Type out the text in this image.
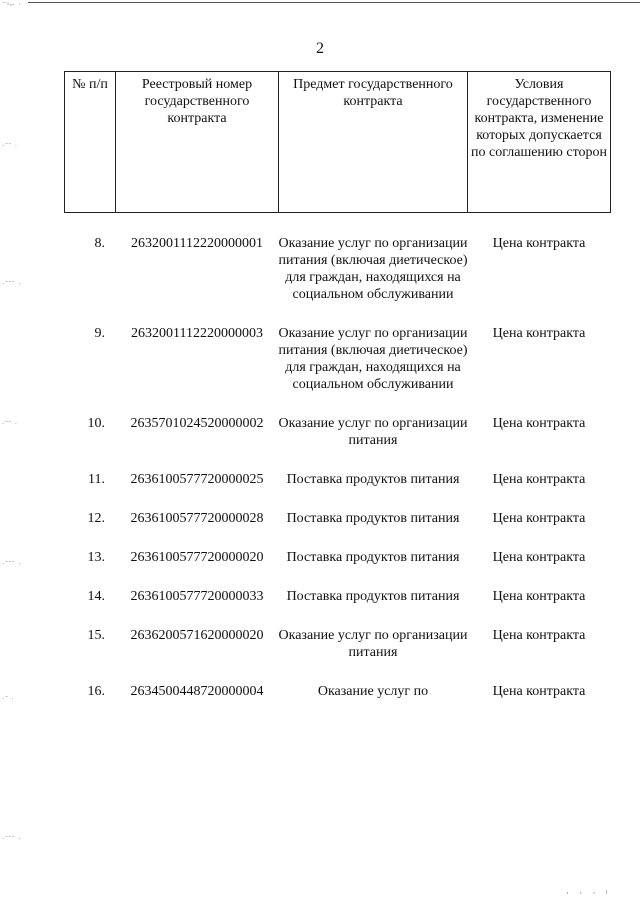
⁻ˢ⌐ ·
·˜˜ ·
·˜˜˜ ·
·˜˜ ·
·˜˜˜ ·
·˜ ·
·˜˜˜ ·
2
№ п/п	Реестровый номер государственного контракта	Предмет государственного контракта	Условия государственного контракта, изменение которых допускается по соглашению сторон

8.	2632001112220000001	Оказание услуг по организации питания (включая диетическое) для граждан, находящихся на социальном обслуживании	Цена контракта

9.	2632001112220000003	Оказание услуг по организации питания (включая диетическое) для граждан, находящихся на социальном обслуживании	Цена контракта

10.	2635701024520000002	Оказание услуг по организации питания	Цена контракта

11.	2636100577720000025	Поставка продуктов питания	Цена контракта

12.	2636100577720000028	Поставка продуктов питания	Цена контракта

13.	2636100577720000020	Поставка продуктов питания	Цена контракта

14.	2636100577720000033	Поставка продуктов питания	Цена контракта

15.	2636200571620000020	Оказание услуг по организации питания	Цена контракта

16.	2634500448720000004	Оказание услуг по	Цена контракта
· · · ˡ
